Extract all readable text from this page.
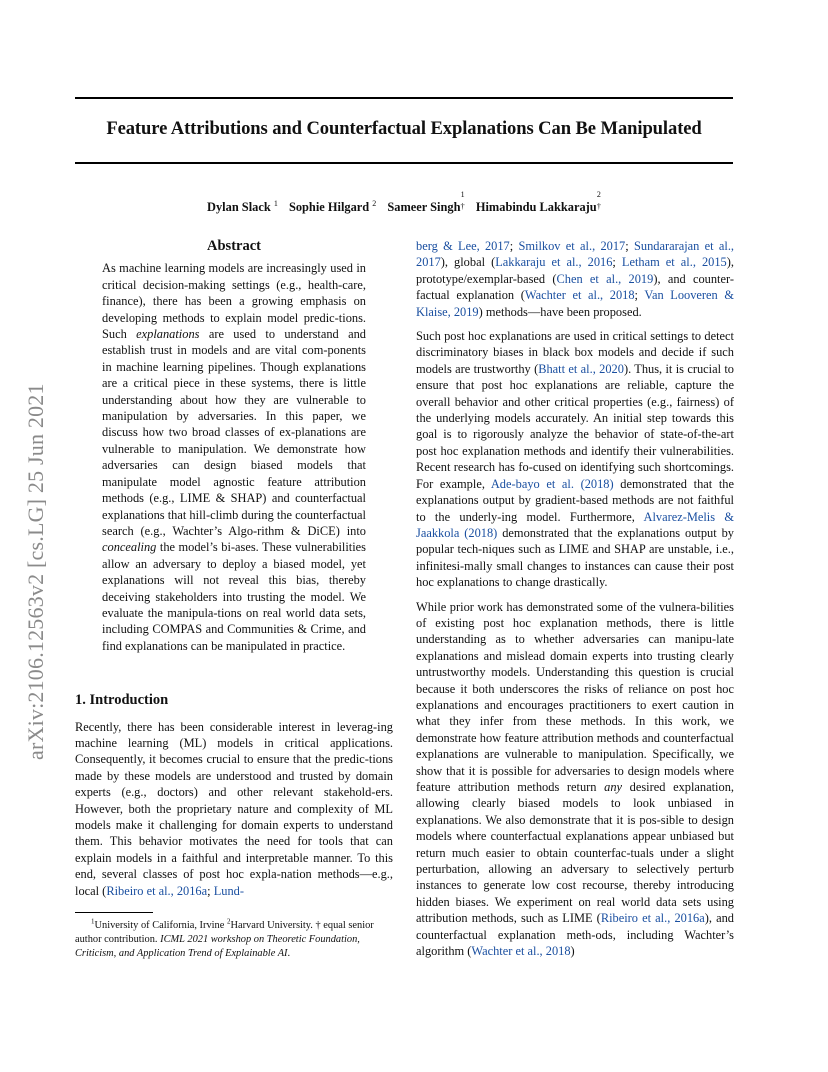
arXiv:2106.12563v2 [cs.LG] 25 Jun 2021
Feature Attributions and Counterfactual Explanations Can Be Manipulated
Dylan Slack $^1$ Sophie Hilgard $^2$ Sameer Singh$^1$
† Himabindu Lakkaraju$^2$
†
Abstract

As machine learning models are increasingly used in critical decision-making settings (e.g., health-care, finance), there has been a growing emphasis on developing methods to explain model predic-tions. Such explanations are used to understand and establish trust in models and are vital com-ponents in machine learning pipelines. Though explanations are a critical piece in these systems, there is little understanding about how they are vulnerable to manipulation by adversaries. In this paper, we discuss how two broad classes of ex-planations are vulnerable to manipulation. We demonstrate how adversaries can design biased models that manipulate model agnostic feature attribution methods (e.g., LIME & SHAP) and counterfactual explanations that hill-climb during the counterfactual search (e.g., Wachter’s Algo-rithm & DiCE) into concealing the model’s bi-ases. These vulnerabilities allow an adversary to deploy a biased model, yet explanations will not reveal this bias, thereby deceiving stakeholders into trusting the model. We evaluate the manipula-tions on real world data sets, including COMPAS and Communities & Crime, and find explanations can be manipulated in practice.

1. Introduction

Recently, there has been considerable interest in leverag-ing machine learning (ML) models in critical applications. Consequently, it becomes crucial to ensure that the predic-tions made by these models are understood and trusted by domain experts (e.g., doctors) and other relevant stakehold-ers. However, both the proprietary nature and complexity of ML models make it challenging for domain experts to understand them. This behavior motivates the need for tools that can explain models in a faithful and interpretable manner. To this end, several classes of post hoc expla-nation methods—e.g., local (Ribeiro et al., 2016a; Lund-

$^1$University of California, Irvine $^2$Harvard University. † equal senior author contribution. ICML 2021 workshop on Theoretic Foundation, Criticism, and Application Trend of Explainable AI.

berg & Lee, 2017; Smilkov et al., 2017; Sundararajan et al., 2017), global (Lakkaraju et al., 2016; Letham et al., 2015), prototype/exemplar-based (Chen et al., 2019), and counter-factual explanation (Wachter et al., 2018; Van Looveren & Klaise, 2019) methods—have been proposed.

Such post hoc explanations are used in critical settings to detect discriminatory biases in black box models and decide if such models are trustworthy (Bhatt et al., 2020). Thus, it is crucial to ensure that post hoc explanations are reliable, capture the overall behavior and other critical properties (e.g., fairness) of the underlying models accurately. An initial step towards this goal is to rigorously analyze the behavior of state-of-the-art post hoc explanation methods and identify their vulnerabilities. Recent research has fo-cused on identifying such shortcomings. For example, Ade-bayo et al. (2018) demonstrated that the explanations output by gradient-based methods are not faithful to the underly-ing model. Furthermore, Alvarez-Melis & Jaakkola (2018) demonstrated that the explanations output by popular tech-niques such as LIME and SHAP are unstable, i.e., infinitesi-mally small changes to instances can cause their post hoc explanations to change drastically.

While prior work has demonstrated some of the vulnera-bilities of existing post hoc explanation methods, there is little understanding as to whether adversaries can manipu-late explanations and mislead domain experts into trusting clearly untrustworthy models. Understanding this question is crucial because it both underscores the risks of reliance on post hoc explanations and encourages practitioners to exert caution in what they infer from these methods. In this work, we demonstrate how feature attribution methods and counterfactual explanations are vulnerable to manipulation. Specifically, we show that it is possible for adversaries to design models where feature attribution methods return any desired explanation, allowing clearly biased models to look unbiased in explanations. We also demonstrate that it is pos-sible to design models where counterfactual explanations appear unbiased but return much easier to obtain counterfac-tuals under a slight perturbation, allowing an adversary to selectively perturb instances to generate low cost recourse, thereby introducing hidden biases. We experiment on real world data sets using attribution methods, such as LIME (Ribeiro et al., 2016a), and counterfactual explanation meth-ods, including Wachter’s algorithm (Wachter et al., 2018)
